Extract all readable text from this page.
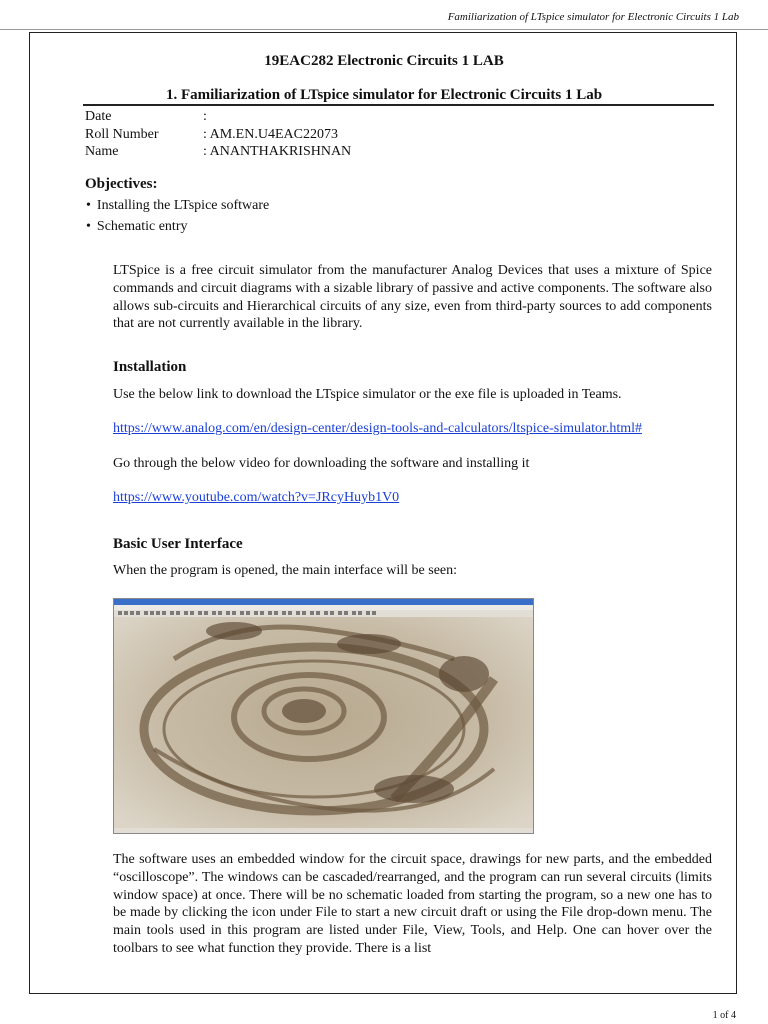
Familiarization of LTspice simulator for Electronic Circuits 1 Lab
19EAC282 Electronic Circuits 1 LAB
1. Familiarization of LTspice simulator for Electronic Circuits 1 Lab
Date	:
Roll Number	: AM.EN.U4EAC22073
Name	: ANANTHAKRISHNAN
Objectives:
• Installing the LTspice software
• Schematic entry
LTSpice is a free circuit simulator from the manufacturer Analog Devices that uses a mixture of Spice commands and circuit diagrams with a sizable library of passive and active components. The software also allows sub-circuits and Hierarchical circuits of any size, even from third-party sources to add components that are not currently available in the library.
Installation
Use the below link to download the LTspice simulator or the exe file is uploaded in Teams.
https://www.analog.com/en/design-center/design-tools-and-calculators/ltspice-simulator.html#
Go through the below video for downloading the software and installing it
https://www.youtube.com/watch?v=JRcyHuyb1V0
Basic User Interface
When the program is opened, the main interface will be seen:
The software uses an embedded window for the circuit space, drawings for new parts, and the embedded “oscilloscope”. The windows can be cascaded/rearranged, and the program can run several circuits (limits window space) at once. There will be no schematic loaded from starting the program, so a new one has to be made by clicking the icon under File to start a new circuit draft or using the File drop-down menu. The main tools used in this program are listed under File, View, Tools, and Help. One can hover over the toolbars to see what function they provide. There is a list
1 of 4
